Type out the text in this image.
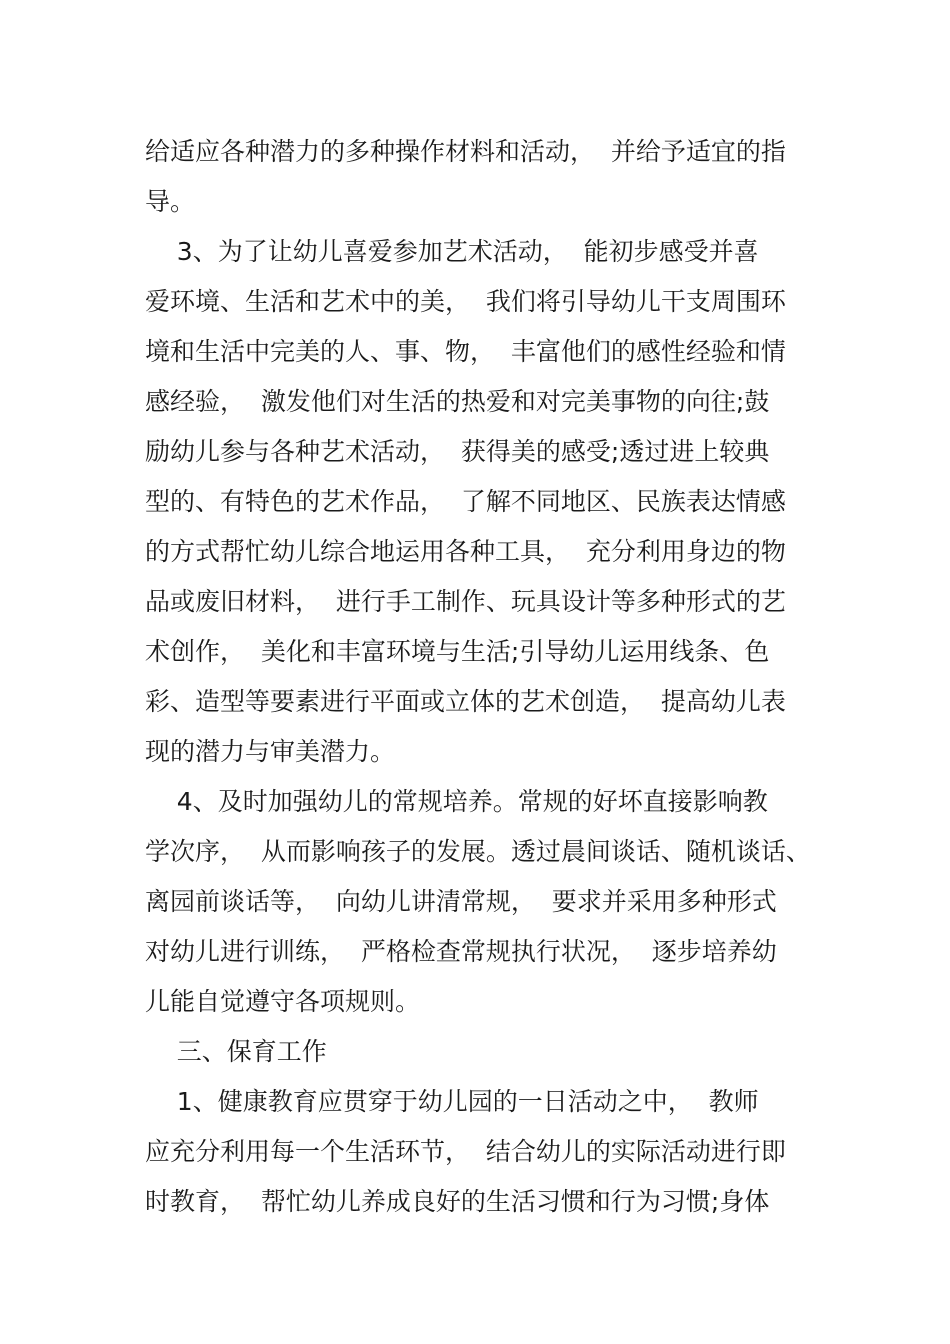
给适应各种潜力的多种操作材料和活动，  并给予适宜的指
导。
3、为了让幼儿喜爱参加艺术活动，  能初步感受并喜
爱环境、生活和艺术中的美，  我们将引导幼儿干支周围环
境和生活中完美的人、事、物，  丰富他们的感性经验和情
感经验，  激发他们对生活的热爱和对完美事物的向往;鼓
励幼儿参与各种艺术活动，  获得美的感受;透过进上较典
型的、有特色的艺术作品，  了解不同地区、民族表达情感
的方式帮忙幼儿综合地运用各种工具，  充分利用身边的物
品或废旧材料，  进行手工制作、玩具设计等多种形式的艺
术创作，  美化和丰富环境与生活;引导幼儿运用线条、色
彩、造型等要素进行平面或立体的艺术创造，  提高幼儿表
现的潜力与审美潜力。
4、及时加强幼儿的常规培养。常规的好坏直接影响教
学次序，  从而影响孩子的发展。透过晨间谈话、随机谈话、
离园前谈话等，  向幼儿讲清常规，  要求并采用多种形式
对幼儿进行训练，  严格检查常规执行状况，  逐步培养幼
儿能自觉遵守各项规则。
三、保育工作
1、健康教育应贯穿于幼儿园的一日活动之中，  教师
应充分利用每一个生活环节，  结合幼儿的实际活动进行即
时教育，  帮忙幼儿养成良好的生活习惯和行为习惯;身体
